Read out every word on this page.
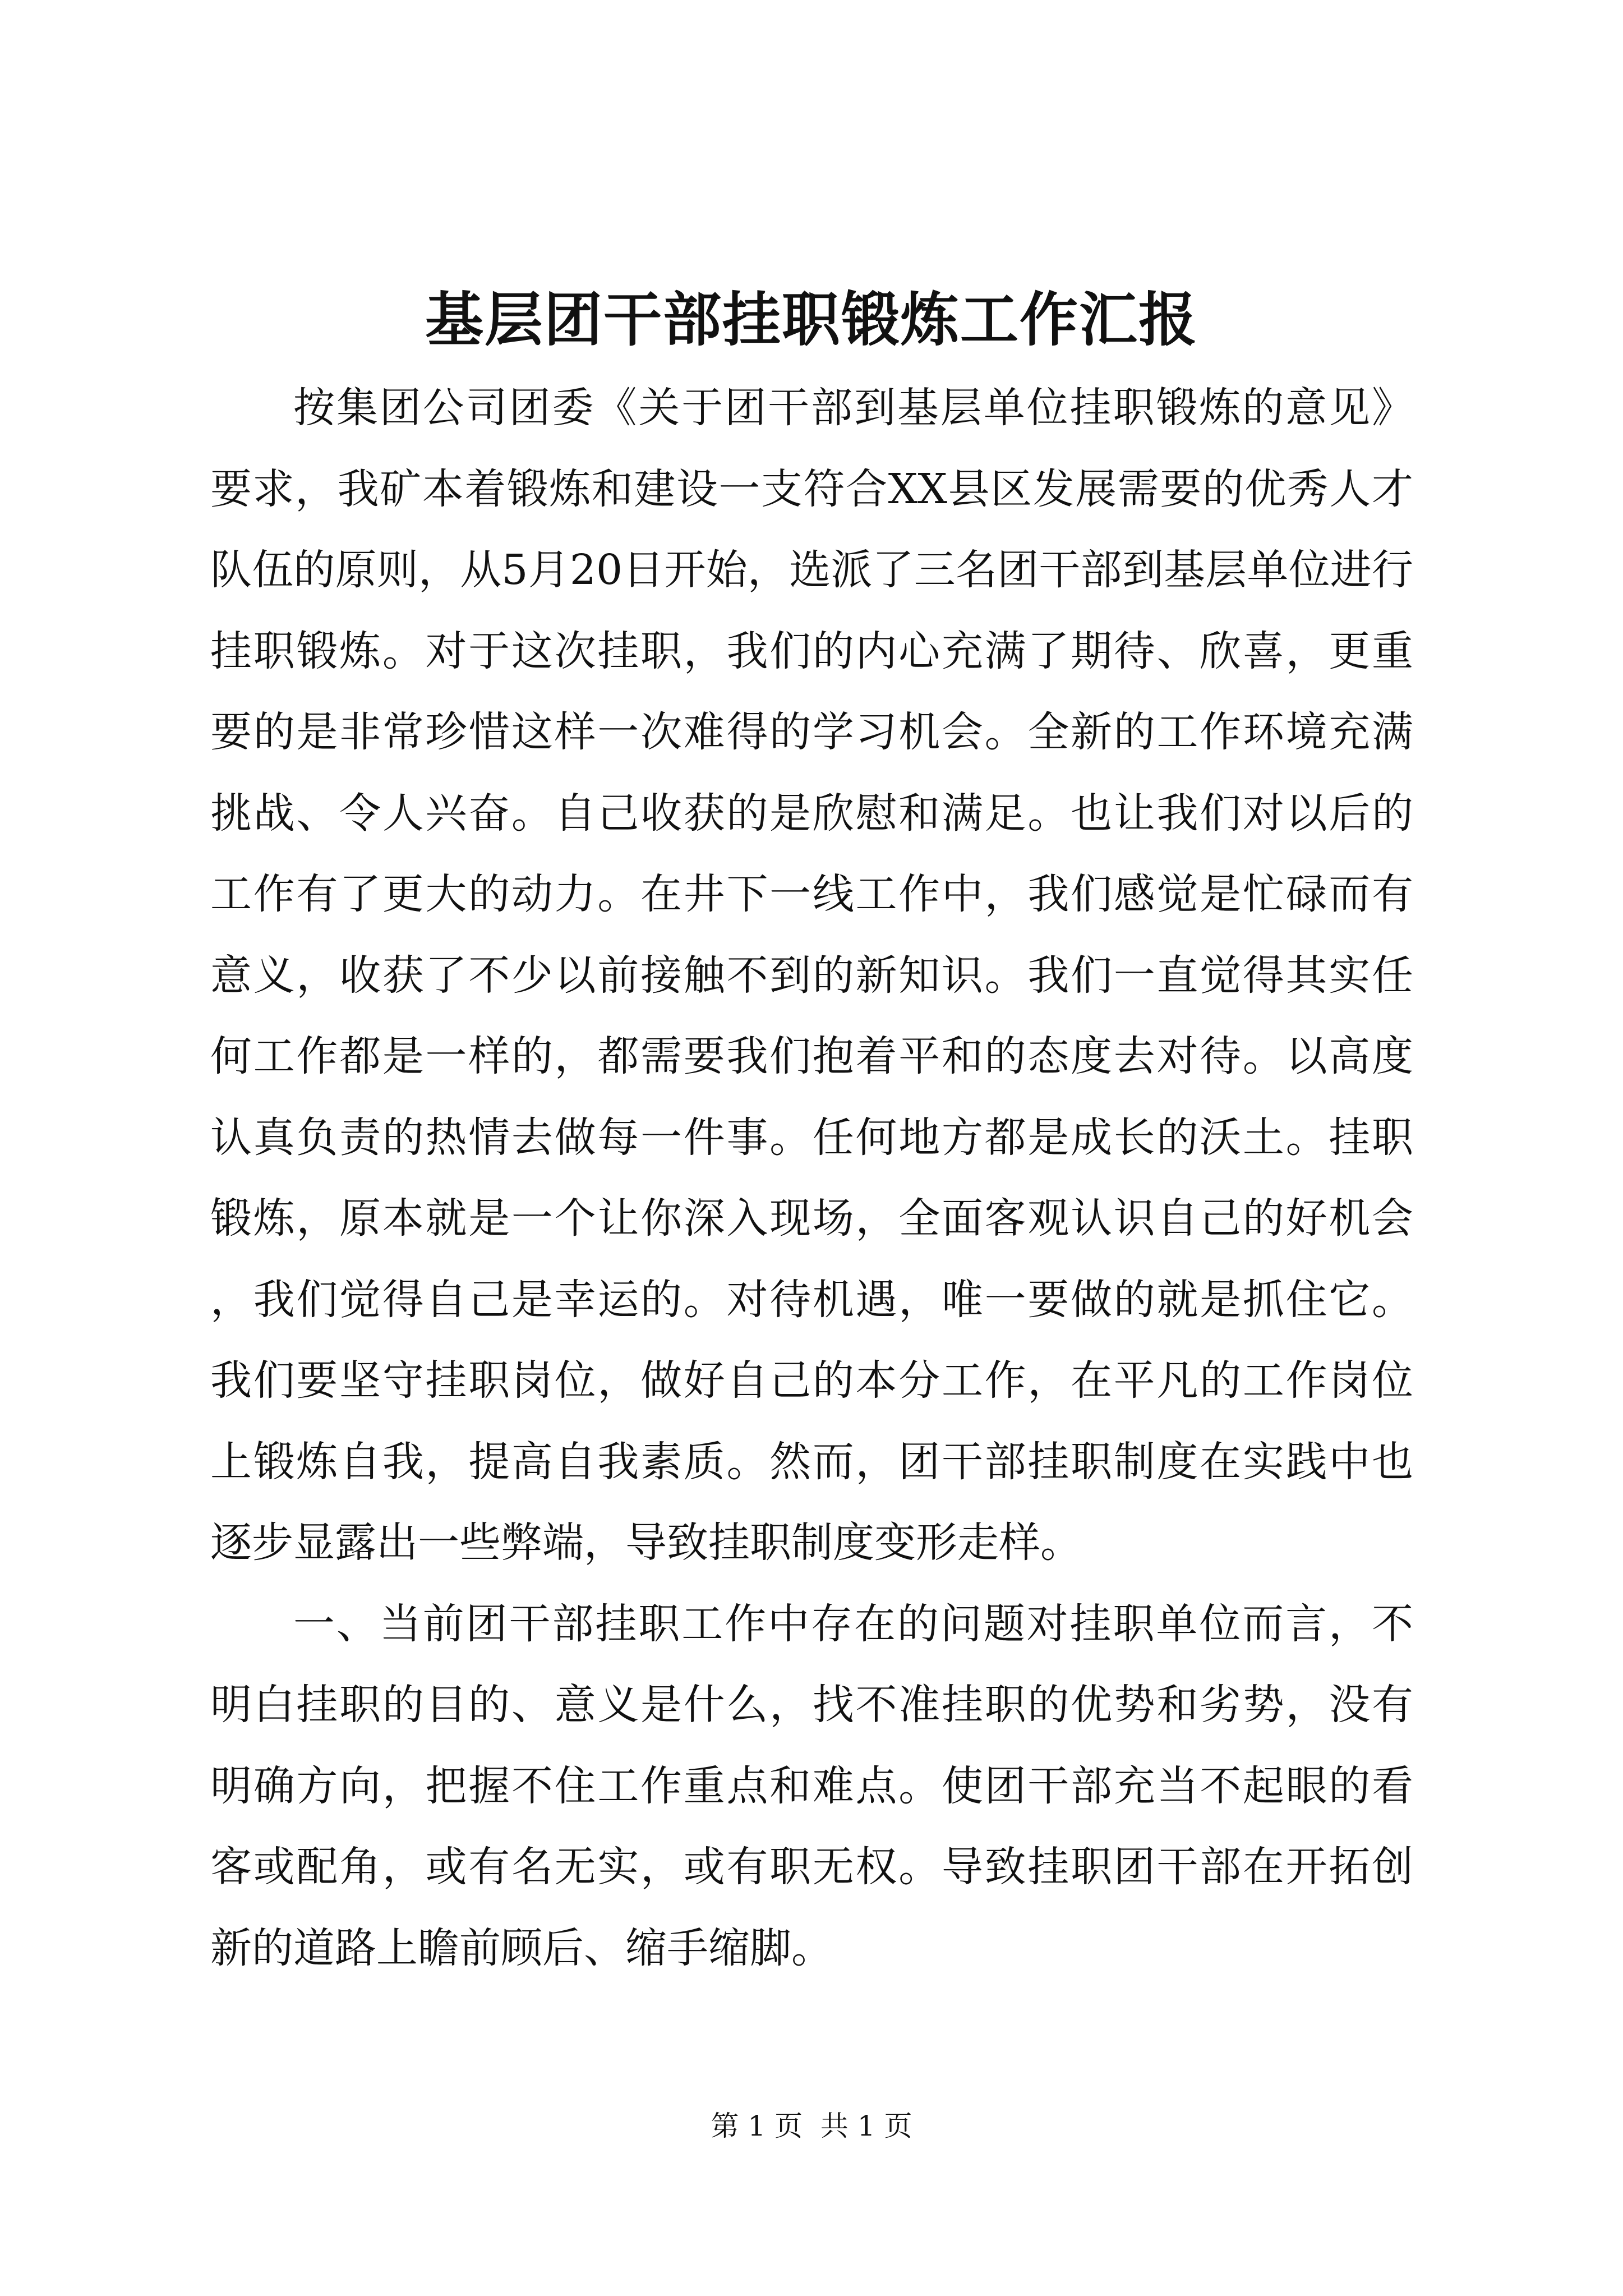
基层团干部挂职锻炼工作汇报

按集团公司团委《关于团干部到基层单位挂职锻炼的意见》要求，我矿本着锻炼和建设一支符合XX县区发展需要的优秀人才队伍的原则，从5月20日开始，选派了三名团干部到基层单位进行挂职锻炼。对于这次挂职，我们的内心充满了期待、欣喜，更重要的是非常珍惜这样一次难得的学习机会。全新的工作环境充满挑战、令人兴奋。自己收获的是欣慰和满足。也让我们对以后的工作有了更大的动力。在井下一线工作中，我们感觉是忙碌而有意义，收获了不少以前接触不到的新知识。我们一直觉得其实任何工作都是一样的，都需要我们抱着平和的态度去对待。以高度认真负责的热情去做每一件事。任何地方都是成长的沃土。挂职锻炼，原本就是一个让你深入现场，全面客观认识自己的好机会，我们觉得自己是幸运的。对待机遇，唯一要做的就是抓住它。我们要坚守挂职岗位，做好自己的本分工作，在平凡的工作岗位上锻炼自我，提高自我素质。然而，团干部挂职制度在实践中也逐步显露出一些弊端，导致挂职制度变形走样。

一、当前团干部挂职工作中存在的问题对挂职单位而言，不明白挂职的目的、意义是什么，找不准挂职的优势和劣势，没有明确方向，把握不住工作重点和难点。使团干部充当不起眼的看客或配角，或有名无实，或有职无权。导致挂职团干部在开拓创新的道路上瞻前顾后、缩手缩脚。

第 1 页  共 1 页
